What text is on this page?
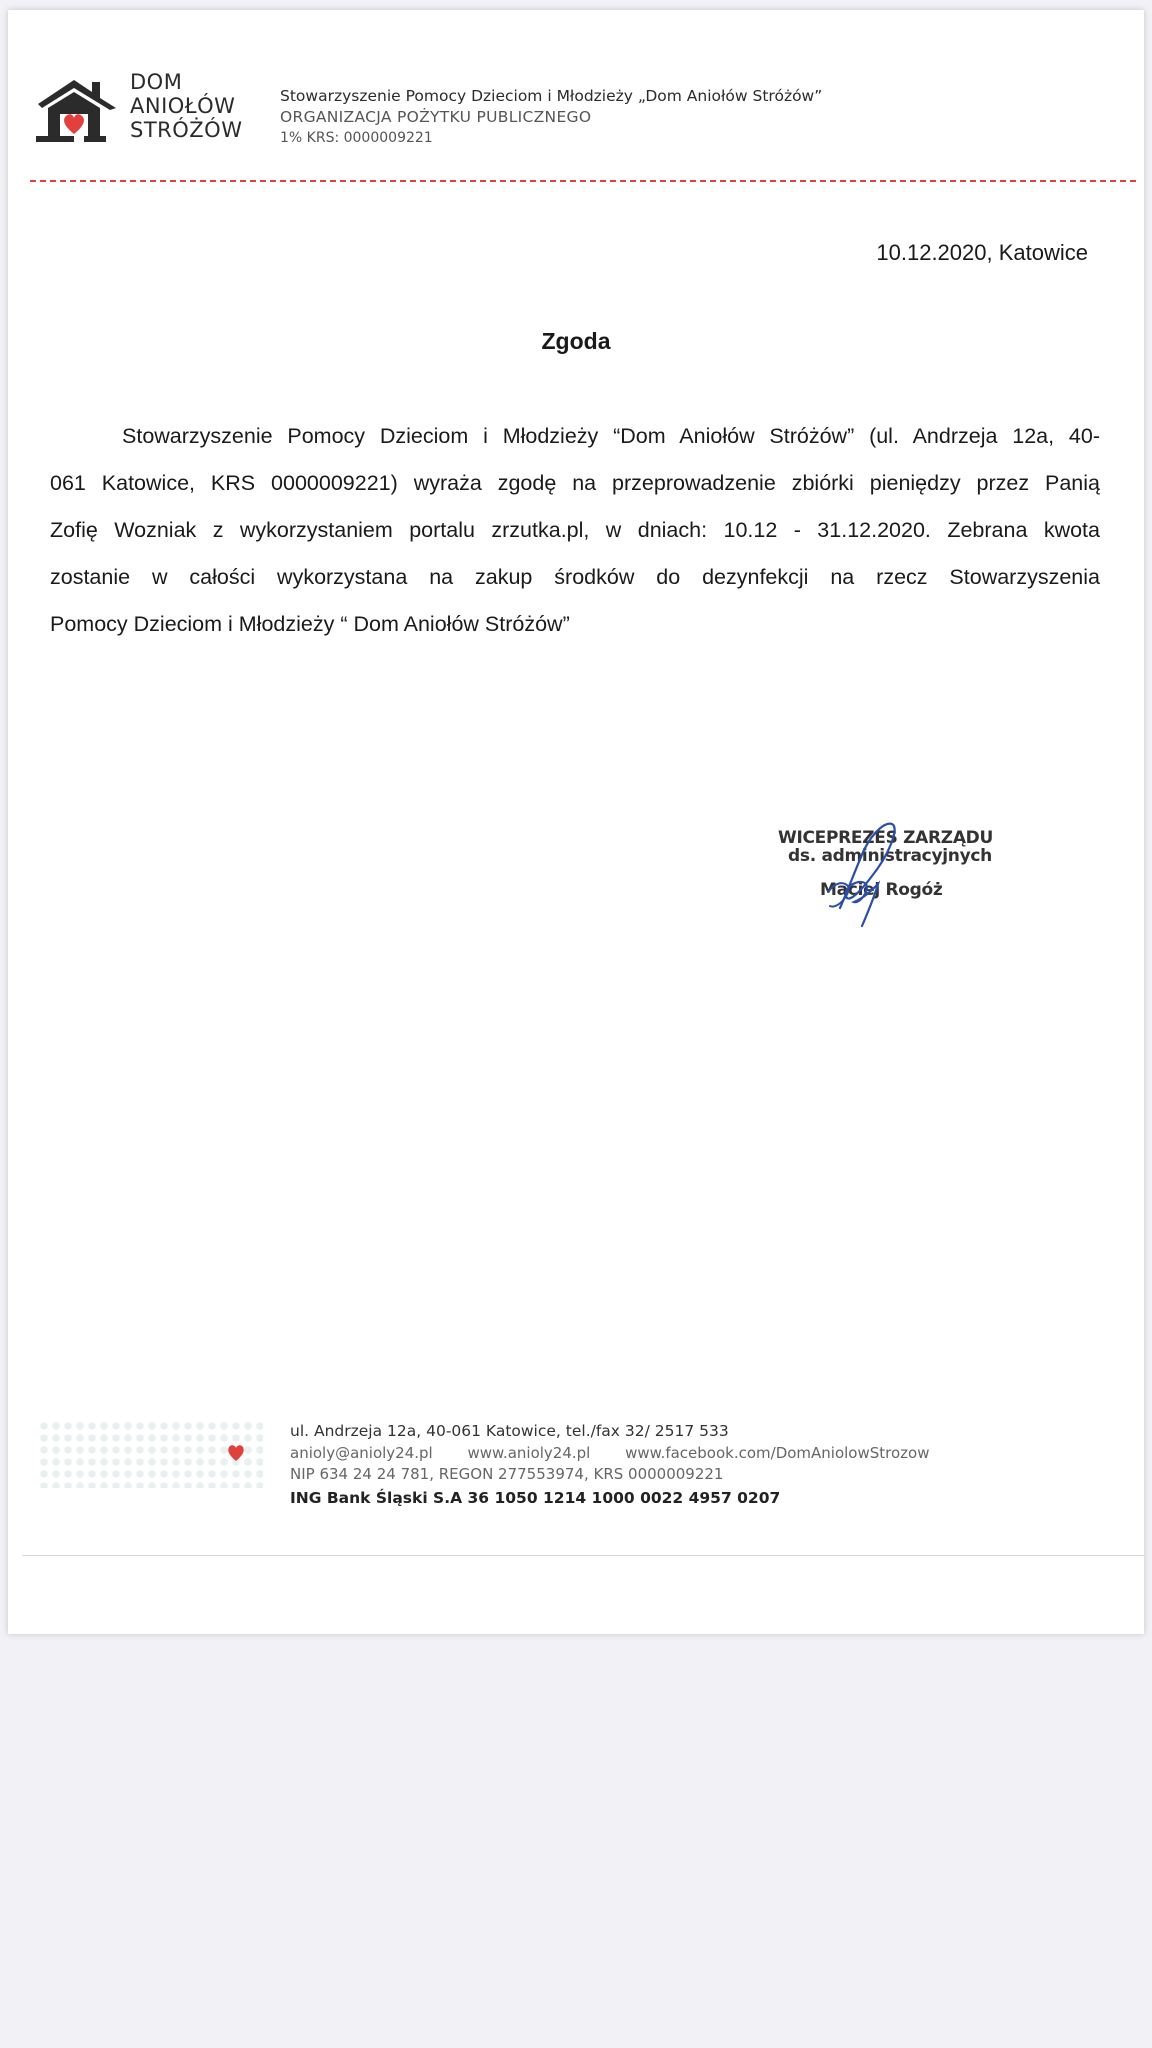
DOM
ANIOŁÓW
STRÓŻÓW
Stowarzyszenie Pomocy Dzieciom i Młodzieży „Dom Aniołów Stróżów”
ORGANIZACJA POŻYTKU PUBLICZNEGO
1% KRS: 0000009221
10.12.2020, Katowice
Zgoda
Stowarzyszenie Pomocy Dzieciom i Młodzieży “Dom Aniołów Stróżów” (ul. Andrzeja 12a, 40-
061 Katowice, KRS 0000009221) wyraża zgodę na przeprowadzenie zbiórki pieniędzy przez Panią
Zofię Wozniak z wykorzystaniem portalu zrzutka.pl, w dniach: 10.12 - 31.12.2020. Zebrana kwota
zostanie w całości wykorzystana na zakup środków do dezynfekcji na rzecz Stowarzyszenia
Pomocy Dzieciom i Młodzieży “ Dom Aniołów Stróżów”
WICEPREZES ZARZĄDU
ds. administracyjnych
Maciej Rogóż
ul. Andrzeja 12a, 40-061 Katowice, tel./fax 32/ 2517 533
anioly@anioly24.pl www.anioly24.pl www.facebook.com/DomAniolowStrozow
NIP 634 24 24 781, REGON 277553974, KRS 0000009221
ING Bank Śląski S.A 36 1050 1214 1000 0022 4957 0207
